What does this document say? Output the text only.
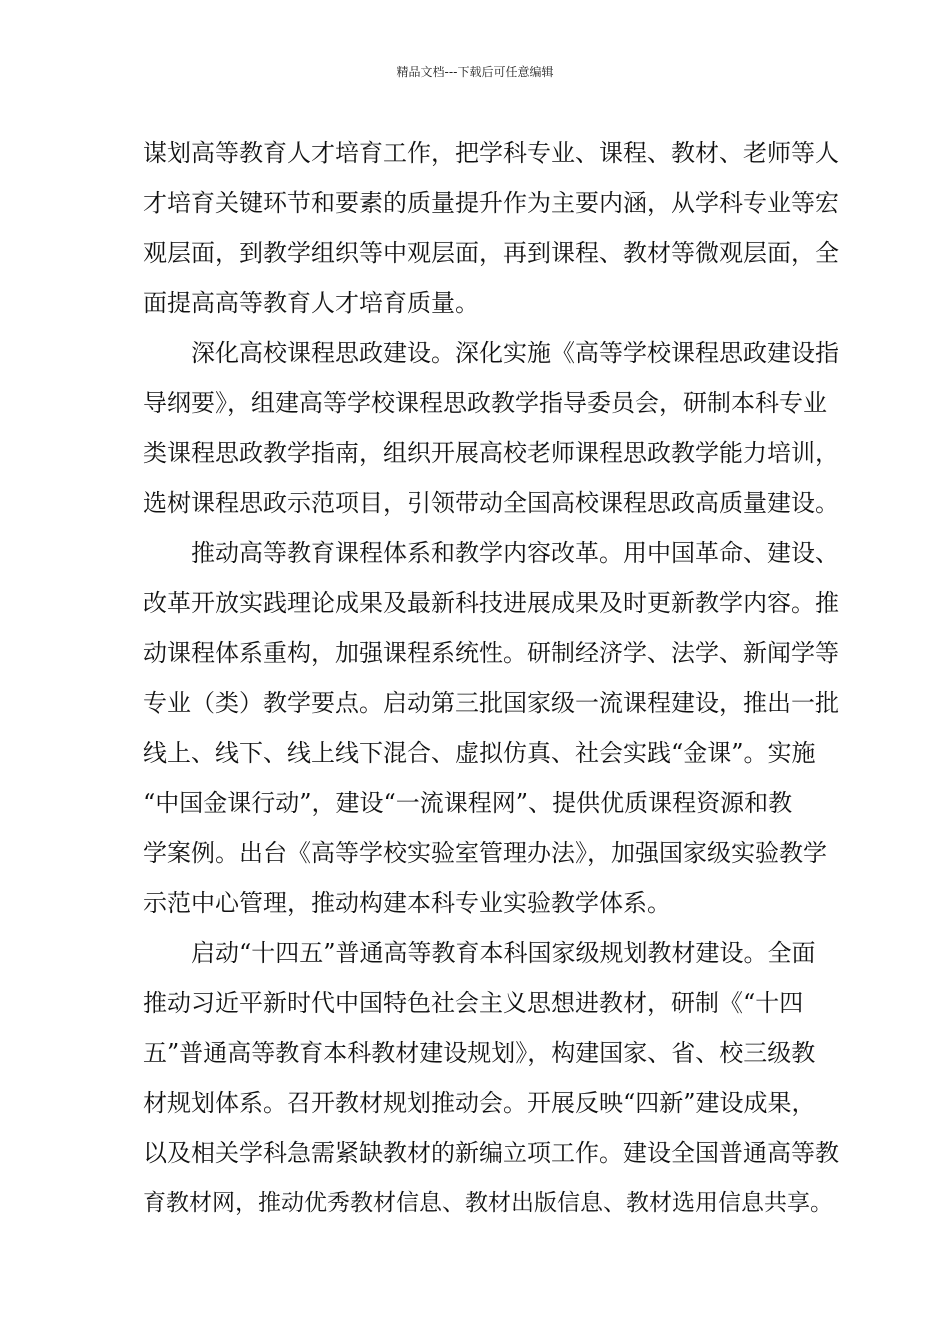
精品文档---下载后可任意编辑
谋划高等教育人才培育工作，把学科专业、课程、教材、老师等人
才培育关键环节和要素的质量提升作为主要内涵，从学科专业等宏
观层面，到教学组织等中观层面，再到课程、教材等微观层面，全
面提高高等教育人才培育质量。
深化高校课程思政建设。深化实施《高等学校课程思政建设指
导纲要》，组建高等学校课程思政教学指导委员会，研制本科专业
类课程思政教学指南，组织开展高校老师课程思政教学能力培训，
选树课程思政示范项目，引领带动全国高校课程思政高质量建设。
推动高等教育课程体系和教学内容改革。用中国革命、建设、
改革开放实践理论成果及最新科技进展成果及时更新教学内容。推
动课程体系重构，加强课程系统性。研制经济学、法学、新闻学等
专业（类）教学要点。启动第三批国家级一流课程建设，推出一批
线上、线下、线上线下混合、虚拟仿真、社会实践“金课”。实施
“中国金课行动”，建设“一流课程网”、提供优质课程资源和教
学案例。出台《高等学校实验室管理办法》，加强国家级实验教学
示范中心管理，推动构建本科专业实验教学体系。
启动“十四五”普通高等教育本科国家级规划教材建设。全面
推动习近平新时代中国特色社会主义思想进教材，研制《“十四
五”普通高等教育本科教材建设规划》，构建国家、省、校三级教
材规划体系。召开教材规划推动会。开展反映“四新”建设成果，
以及相关学科急需紧缺教材的新编立项工作。建设全国普通高等教
育教材网，推动优秀教材信息、教材出版信息、教材选用信息共享。
